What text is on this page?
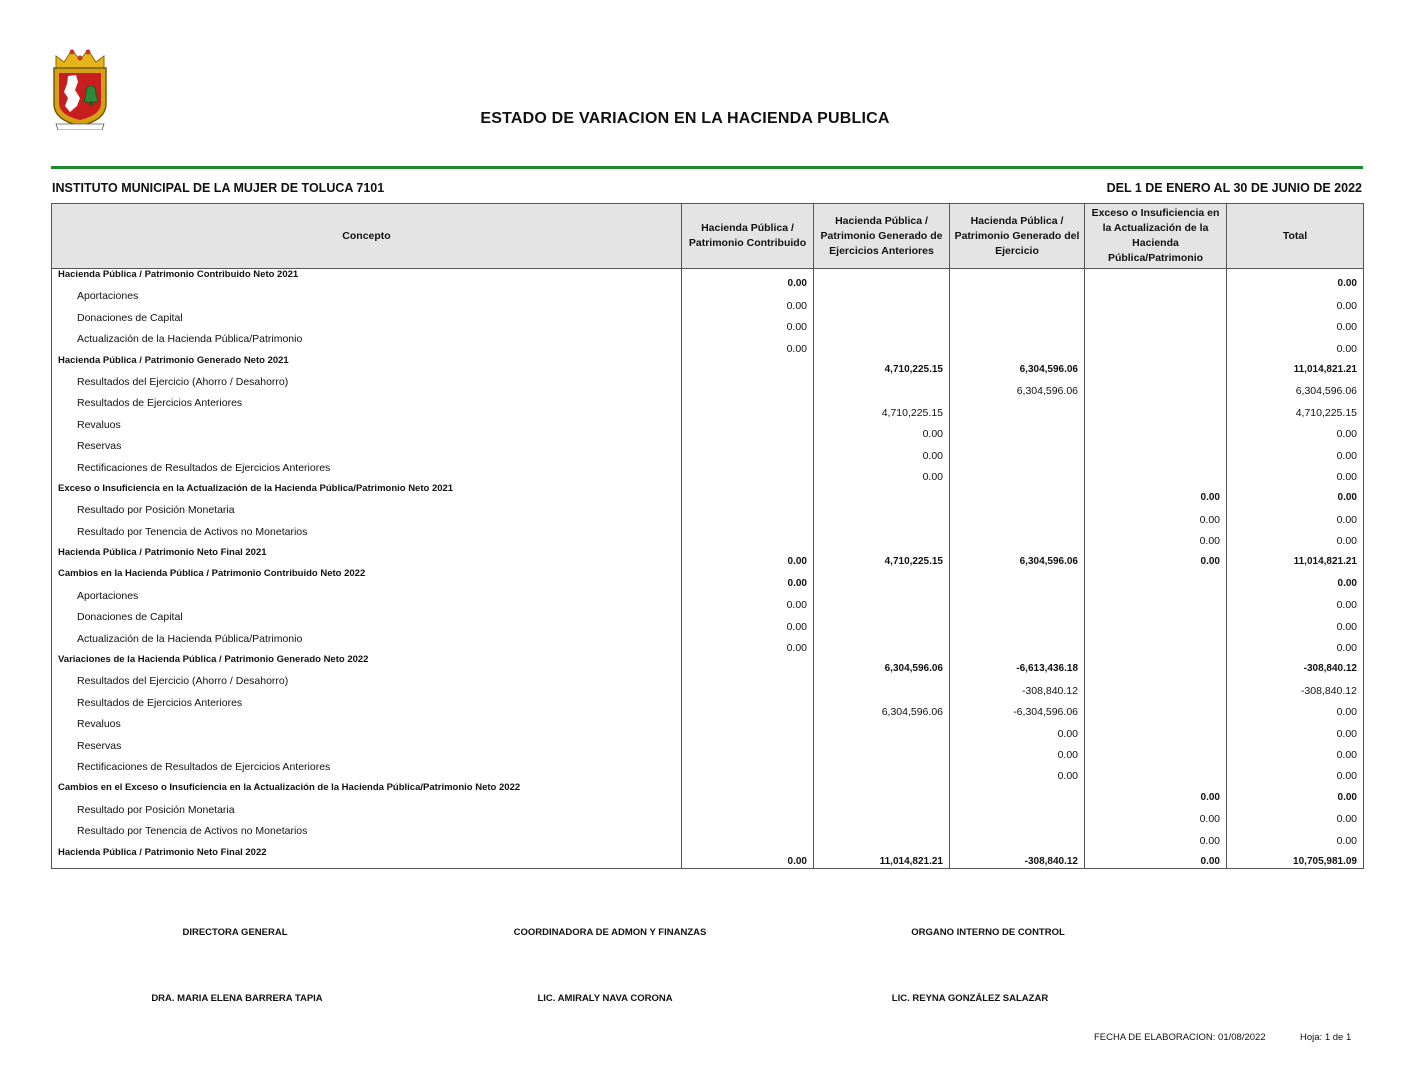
ESTADO DE VARIACION EN LA HACIENDA PUBLICA
INSTITUTO MUNICIPAL DE LA MUJER DE TOLUCA 7101	DEL 1 DE ENERO AL 30 DE JUNIO DE 2022
Concepto	Hacienda Pública / Patrimonio Contribuido	Hacienda Pública / Patrimonio Generado de Ejercicios Anteriores	Hacienda Pública / Patrimonio Generado del Ejercicio	Exceso o Insuficiencia en la Actualización de la Hacienda Pública/Patrimonio	Total
Hacienda Pública / Patrimonio Contribuido Neto 2021	0.00				0.00
Aportaciones	0.00				0.00
Donaciones de Capital	0.00				0.00
Actualización de la Hacienda Pública/Patrimonio	0.00				0.00
Hacienda Pública / Patrimonio Generado Neto 2021		4,710,225.15	6,304,596.06		11,014,821.21
Resultados del Ejercicio (Ahorro / Desahorro)			6,304,596.06		6,304,596.06
Resultados de Ejercicios Anteriores		4,710,225.15			4,710,225.15
Revaluos		0.00			0.00
Reservas		0.00			0.00
Rectificaciones de Resultados de Ejercicios Anteriores		0.00			0.00
Exceso o Insuficiencia en la Actualización de la Hacienda Pública/Patrimonio Neto 2021				0.00	0.00
Resultado por Posición Monetaria				0.00	0.00
Resultado por Tenencia de Activos no Monetarios				0.00	0.00
Hacienda Pública / Patrimonio Neto Final 2021	0.00	4,710,225.15	6,304,596.06	0.00	11,014,821.21
Cambios en la Hacienda Pública / Patrimonio Contribuido Neto 2022	0.00				0.00
Aportaciones	0.00				0.00
Donaciones de Capital	0.00				0.00
Actualización de la Hacienda Pública/Patrimonio	0.00				0.00
Variaciones de la Hacienda Pública / Patrimonio Generado Neto 2022		6,304,596.06	-6,613,436.18		-308,840.12
Resultados del Ejercicio (Ahorro / Desahorro)			-308,840.12		-308,840.12
Resultados de Ejercicios Anteriores		6,304,596.06	-6,304,596.06		0.00
Revaluos			0.00		0.00
Reservas			0.00		0.00
Rectificaciones de Resultados de Ejercicios Anteriores			0.00		0.00
Cambios en el Exceso o Insuficiencia en la Actualización de la Hacienda Pública/Patrimonio Neto 2022				0.00	0.00
Resultado por Posición Monetaria				0.00	0.00
Resultado por Tenencia de Activos no Monetarios				0.00	0.00
Hacienda Pública / Patrimonio Neto Final 2022	0.00	11,014,821.21	-308,840.12	0.00	10,705,981.09
DIRECTORA GENERAL	COORDINADORA DE ADMON Y FINANZAS	ORGANO INTERNO DE CONTROL
DRA. MARIA ELENA BARRERA TAPIA	LIC. AMIRALY NAVA CORONA	LIC. REYNA GONZÁLEZ SALAZAR
FECHA DE ELABORACION: 01/08/2022	Hoja: 1 de 1
